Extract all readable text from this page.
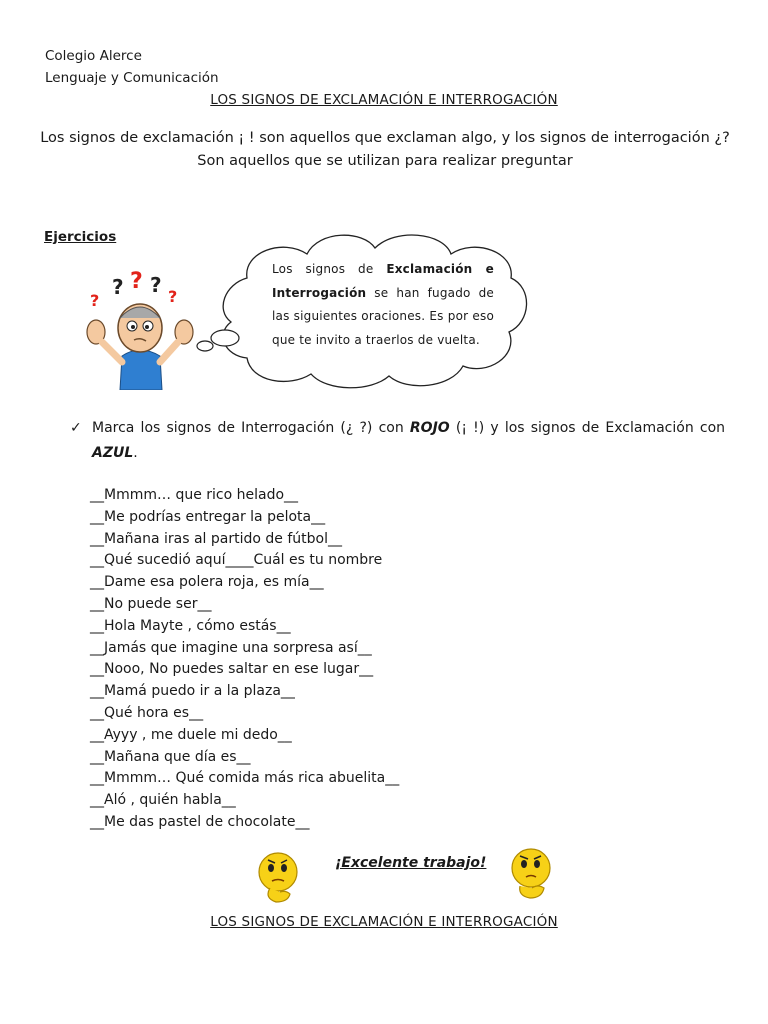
Colegio Alerce
Lenguaje y Comunicación
LOS SIGNOS DE EXCLAMACIÓN E INTERROGACIÓN

Los signos de exclamación ¡ ! son aquellos que exclaman algo, y los signos de interrogación ¿? Son aquellos que se utilizan para realizar preguntar

Ejercicios
?
? ? ? ?

Los signos de Exclamación e Interrogación se han fugado de las siguientes oraciones. Es por eso que te invito a traerlos de vuelta.

✓ Marca los signos de Interrogación (¿ ?) con ROJO (¡ !) y los signos de Exclamación con AZUL.
__Mmmm… que rico helado__
__Me podrías entregar la pelota__
__Mañana iras al partido de fútbol__
__Qué sucedió aquí____Cuál es tu nombre
__Dame esa polera roja, es mía__
__No puede ser__
__Hola Mayte , cómo estás__
__Jamás que imagine una sorpresa así__
__Nooo, No puedes saltar en ese lugar__
__Mamá puedo ir a la plaza__
__Qué hora es__
__Ayyy , me duele mi dedo__
__Mañana que día es__
__Mmmm… Qué comida más rica abuelita__
__Aló , quién habla__
__Me das pastel de chocolate__
¡Excelente trabajo!
LOS SIGNOS DE EXCLAMACIÓN E INTERROGACIÓN
